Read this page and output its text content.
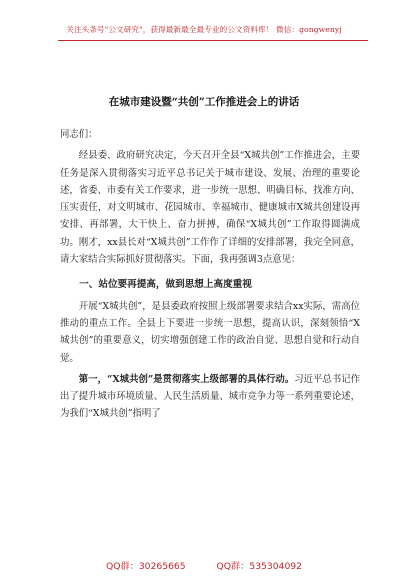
关注头条号"公文研究"，获得最新最全最专业的公文资料库！ 微信：gongwenyj
在城市建设暨“共创”工作推进会上的讲话

同志们：

经县委、政府研究决定，今天召开全县“X城共创”工作推进会，主要任务是深入贯彻落实习近平总书记关于城市建设、发展、治理的重要论述，省委、市委有关工作要求，进一步统一思想、明确目标、找准方向、压实责任，对文明城市、花园城市、幸福城市、健康城市X城共创建设再安排、再部署，大干快上、奋力拼搏，确保“X城共创”工作取得圆满成功。刚才，xx县长对“X城共创”工作作了详细的安排部署，我完全同意，请大家结合实际抓好贯彻落实。下面，我再强调3点意见：

一、站位要再提高，做到思想上高度重视

开展“X城共创”，是县委政府按照上级部署要求结合xx实际，需高位推动的重点工作。全县上下要进一步统一思想，提高认识，深刻领悟“X城共创”的重要意义，切实增强创建工作的政治自觉、思想自觉和行动自觉。

第一，“X城共创”是贯彻落实上级部署的具体行动。习近平总书记作出了提升城市环境质量、人民生活质量、城市竞争力等一系列重要论述，为我们“X城共创”指明了

QQ群：30265665	QQ群：535304092
